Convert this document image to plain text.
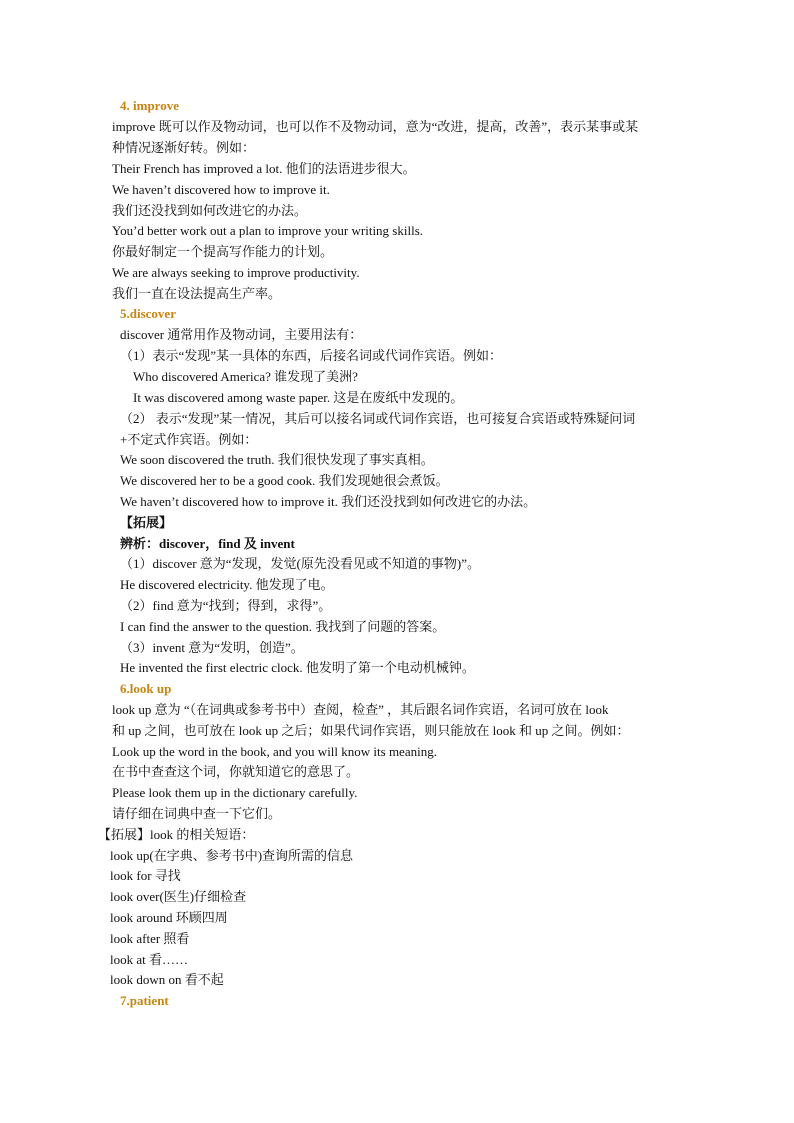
4. improve
improve 既可以作及物动词，也可以作不及物动词，意为“改进，提高，改善”，表示某事或某
种情况逐渐好转。例如：
Their French has improved a lot. 他们的法语进步很大。
We haven’t discovered how to improve it.
我们还没找到如何改进它的办法。
You’d better work out a plan to improve your writing skills.
你最好制定一个提高写作能力的计划。
We are always seeking to improve productivity.
我们一直在设法提高生产率。
5.discover
discover 通常用作及物动词，主要用法有：
（1）表示“发现”某一具体的东西，后接名词或代词作宾语。例如：
Who discovered America? 谁发现了美洲?
It was discovered among waste paper. 这是在废纸中发现的。
（2） 表示“发现”某一情况，其后可以接名词或代词作宾语，也可接复合宾语或特殊疑问词
+不定式作宾语。例如：
We soon discovered the truth. 我们很快发现了事实真相。
We discovered her to be a good cook. 我们发现她很会煮饭。
We haven’t discovered how to improve it. 我们还没找到如何改进它的办法。
【拓展】
辨析：discover，find 及 invent
（1）discover 意为“发现，发觉(原先没看见或不知道的事物)”。
He discovered electricity. 他发现了电。
（2）find 意为“找到；得到，求得”。
I can find the answer to the question. 我找到了问题的答案。
（3）invent 意为“发明，创造”。
He invented the first electric clock. 他发明了第一个电动机械钟。
6.look up
look up 意为 “（在词典或参考书中）查阅，检查” ，其后跟名词作宾语，名词可放在 look
和 up 之间，也可放在 look up 之后；如果代词作宾语，则只能放在 look 和 up 之间。例如：
Look up the word in the book, and you will know its meaning.
在书中查查这个词，你就知道它的意思了。
Please look them up in the dictionary carefully.
请仔细在词典中查一下它们。
【拓展】look 的相关短语：
look up(在字典、参考书中)查询所需的信息
look for 寻找
look over(医生)仔细检查
look around 环顾四周
look after 照看
look at 看……
look down on 看不起
7.patient
